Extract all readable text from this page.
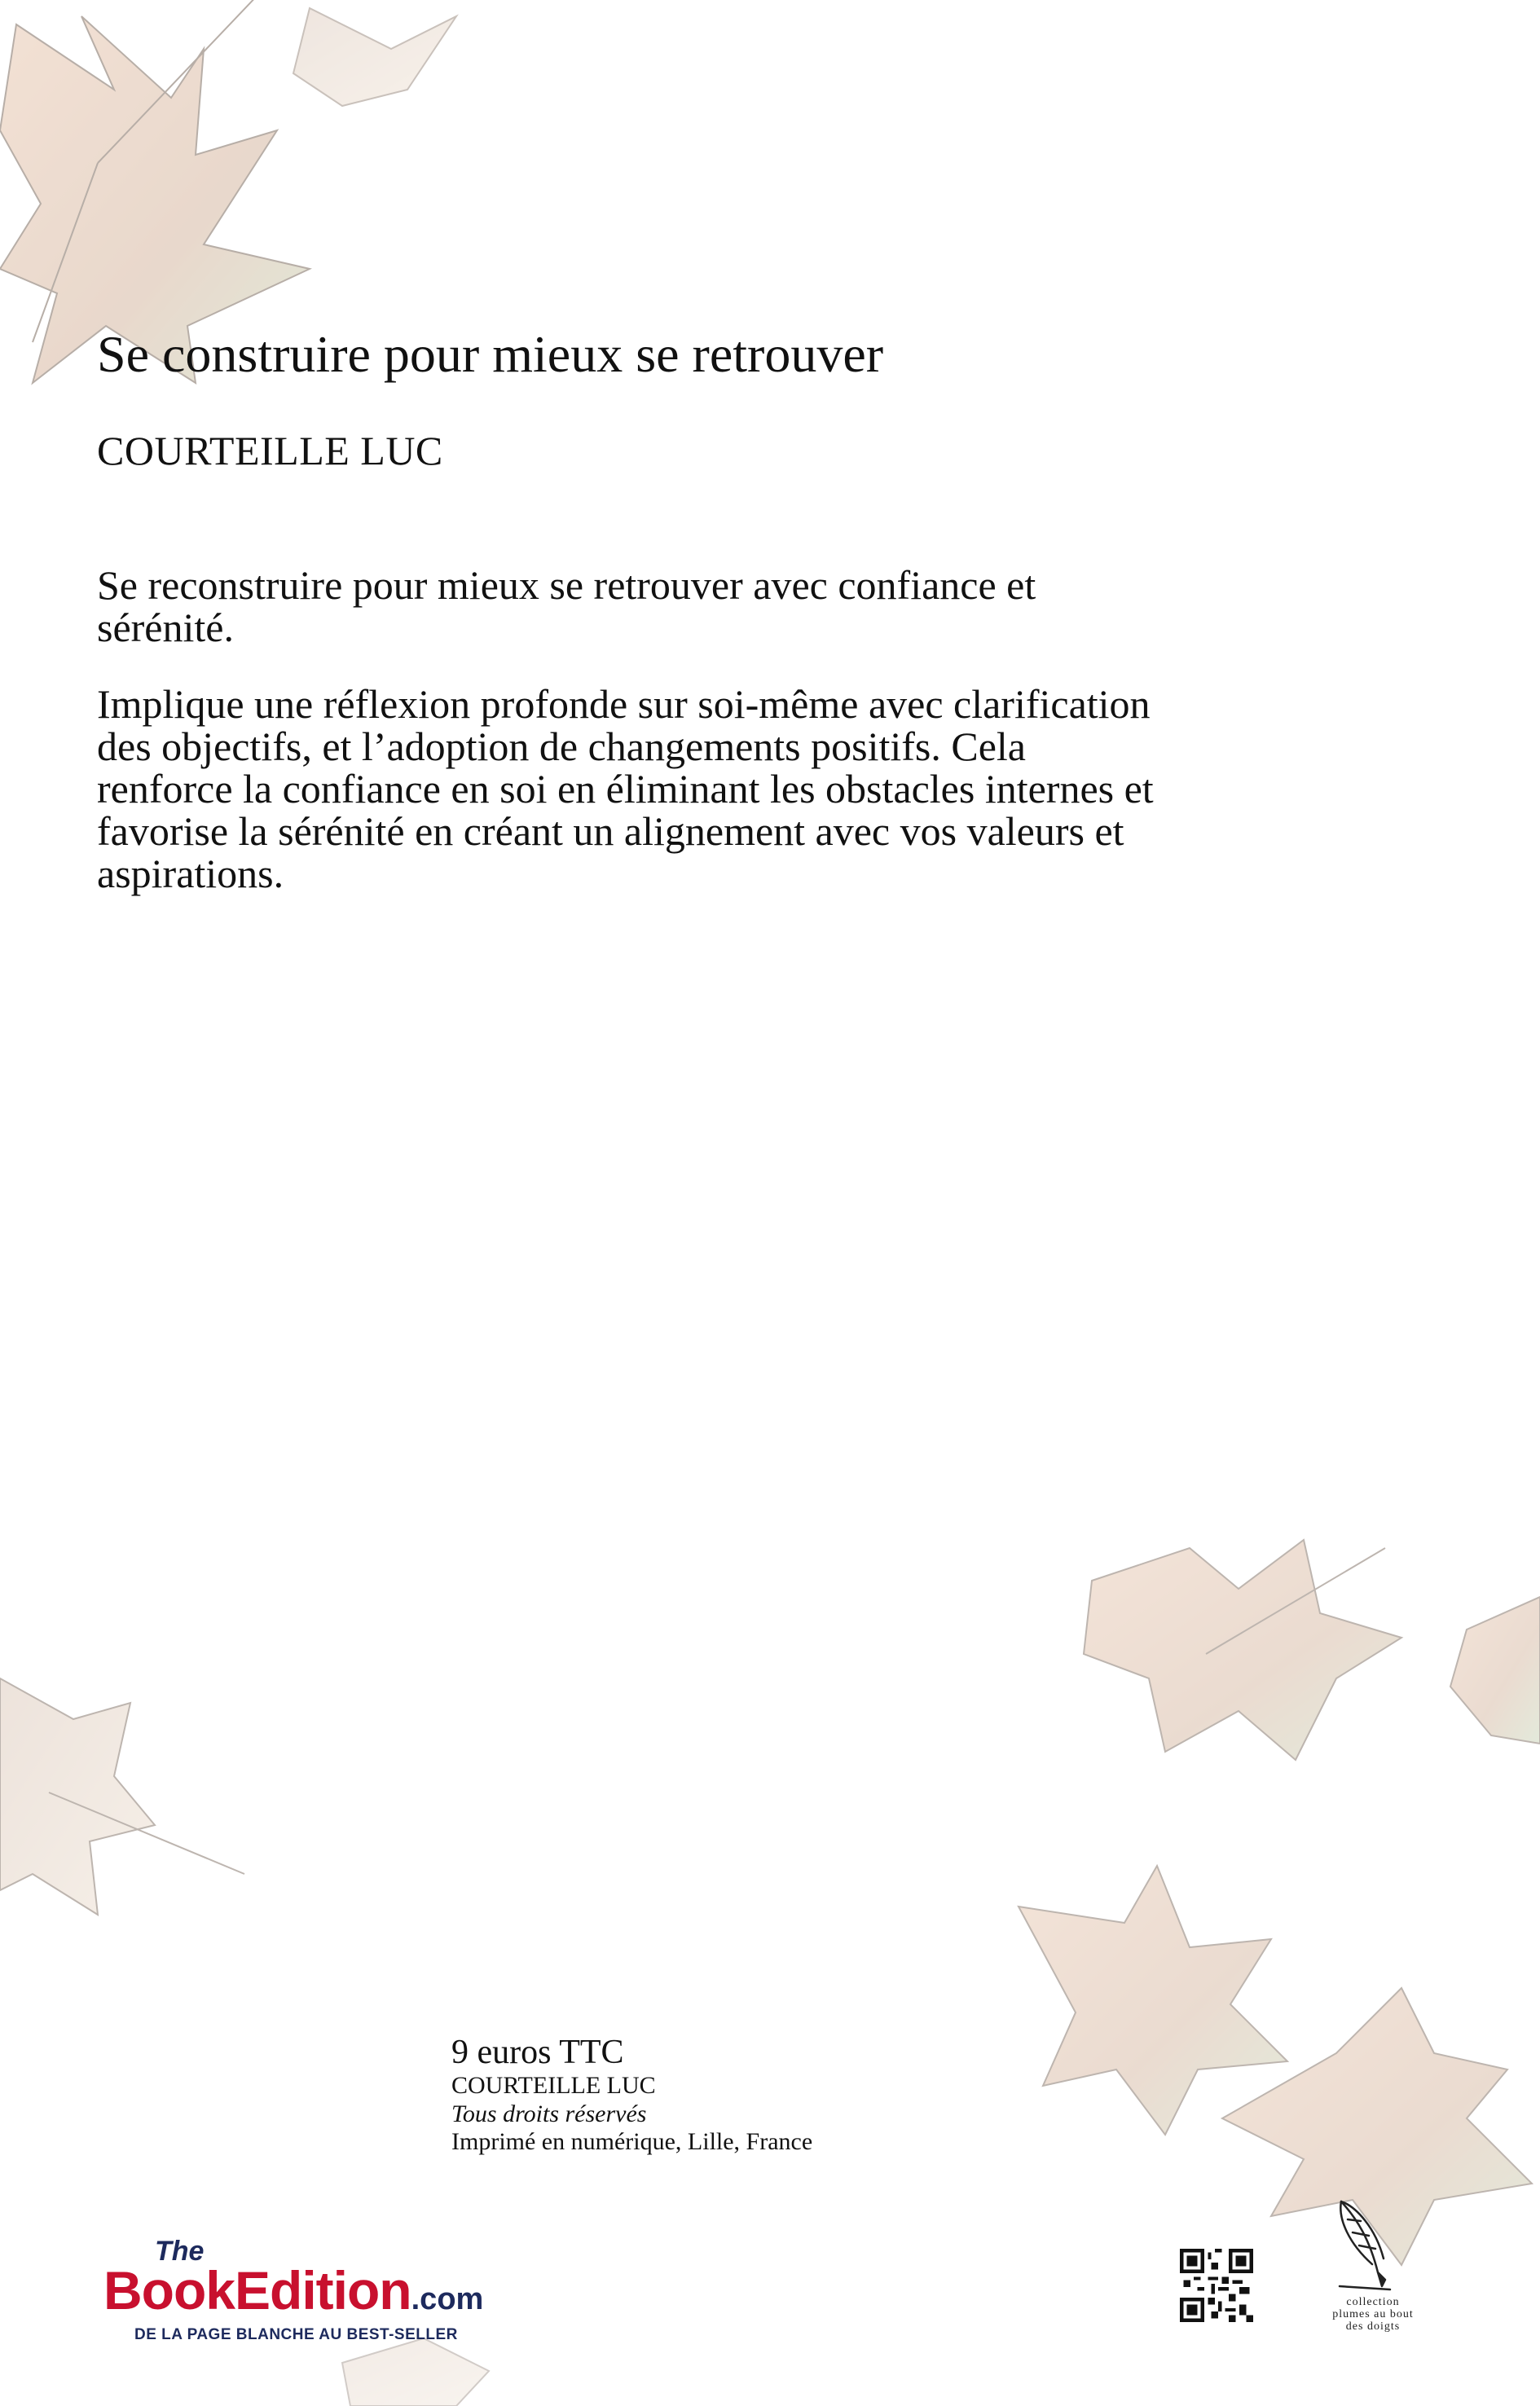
Se construire pour mieux se retrouver
COURTEILLE LUC

Se reconstruire pour mieux se retrouver avec confiance et sérénité.

Implique une réflexion profonde sur soi-même avec clarification des objectifs, et l’adoption de changements positifs. Cela renforce la confiance en soi en éliminant les obstacles internes et favorise la sérénité en créant un alignement avec vos valeurs et aspirations.

9 euros TTC
COURTEILLE LUC
Tous droits réservés
Imprimé en numérique, Lille, France
The
BookEdition.com
DE LA PAGE BLANCHE AU BEST-SELLER
collection plumes au bout des doigts
